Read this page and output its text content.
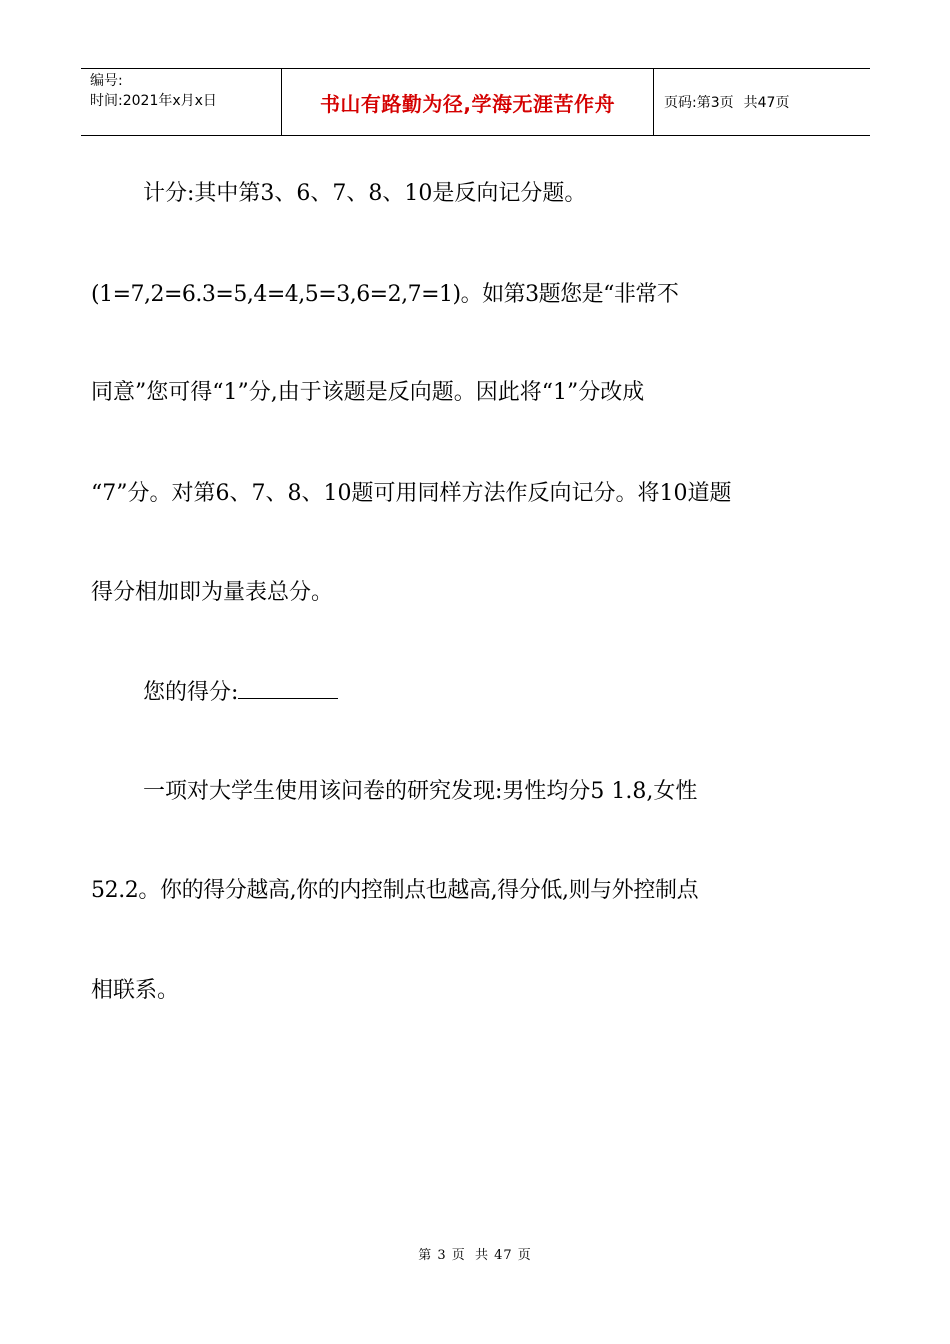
编号:
时间:2021年x月x日	书山有路勤为径,学海无涯苦作舟	页码:第3页 共47页
计分:其中第3、6、7、8、10是反向记分题。
(1=7,2=6.3=5,4=4,5=3,6=2,7=1)。如第3题您是“非常不
同意”您可得“1”分,由于该题是反向题。因此将“1”分改成
“7”分。对第6、7、8、10题可用同样方法作反向记分。将10道题
得分相加即为量表总分。
您的得分:
一项对大学生使用该问卷的研究发现:男性均分5 1.8,女性
52.2。你的得分越高,你的内控制点也越高,得分低,则与外控制点
相联系。
第 3 页 共 47 页
